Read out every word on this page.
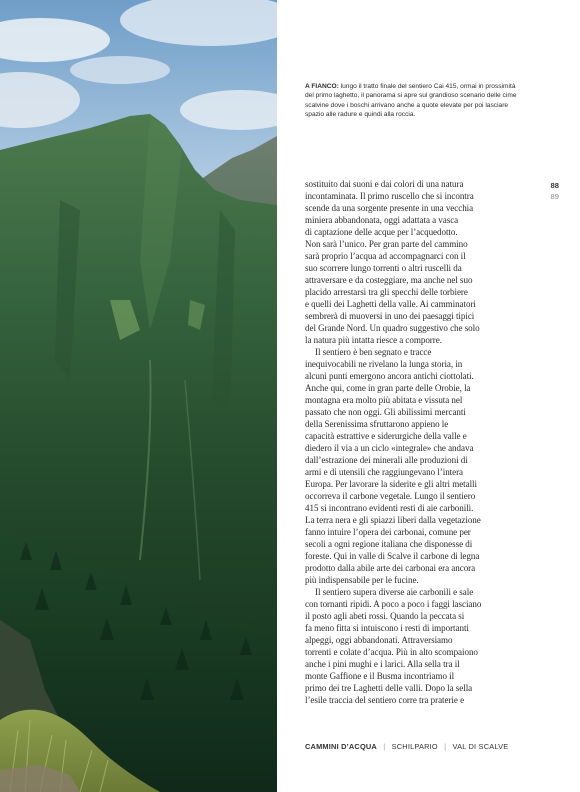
A FIANCO: lungo il tratto finale del sentiero Cai 415, ormai in prossimità del primo laghetto, il panorama si apre sul grandioso scenario delle cime scalvine dove i boschi arrivano anche a quote elevate per poi lasciare spazio alle radure e quindi alla roccia.
88
89
sostituito dai suoni e dai colori di una natura
incontaminata. Il primo ruscello che si incontra
scende da una sorgente presente in una vecchia
miniera abbandonata, oggi adattata a vasca
di captazione delle acque per l’acquedotto.
Non sarà l’unico. Per gran parte del cammino
sarà proprio l’acqua ad accompagnarci con il
suo scorrere lungo torrenti o altri ruscelli da
attraversare e da costeggiare, ma anche nel suo
placido arrestarsi tra gli specchi delle torbiere
e quelli dei Laghetti della valle. Ai camminatori
sembrerà di muoversi in uno dei paesaggi tipici
del Grande Nord. Un quadro suggestivo che solo
la natura più intatta riesce a comporre.
Il sentiero è ben segnato e tracce
inequivocabili ne rivelano la lunga storia, in
alcuni punti emergono ancora antichi ciottolati.
Anche qui, come in gran parte delle Orobie, la
montagna era molto più abitata e vissuta nel
passato che non oggi. Gli abilissimi mercanti
della Serenissima sfruttarono appieno le
capacità estrattive e siderurgiche della valle e
diedero il via a un ciclo «integrale» che andava
dall’estrazione dei minerali alle produzioni di
armi e di utensili che raggiungevano l’intera
Europa. Per lavorare la siderite e gli altri metalli
occorreva il carbone vegetale. Lungo il sentiero
415 si incontrano evidenti resti di aie carbonili.
La terra nera e gli spiazzi liberi dalla vegetazione
fanno intuire l’opera dei carbonai, comune per
secoli a ogni regione italiana che disponesse di
foreste. Qui in valle di Scalve il carbone di legna
prodotto dalla abile arte dei carbonai era ancora
più indispensabile per le fucine.
Il sentiero supera diverse aie carbonili e sale
con tornanti ripidi. A poco a poco i faggi lasciano
il posto agli abeti rossi. Quando la peccata si
fa meno fitta si intuiscono i resti di importanti
alpeggi, oggi abbandonati. Attraversiamo
torrenti e colate d’acqua. Più in alto scompaiono
anche i pini mughi e i larici. Alla sella tra il
monte Gaffione e il Busma incontriamo il
primo dei tre Laghetti delle valli. Dopo la sella
l’esile traccia del sentiero corre tra praterie e
CAMMINI D’ACQUA | SCHILPARIO | VAL DI SCALVE
